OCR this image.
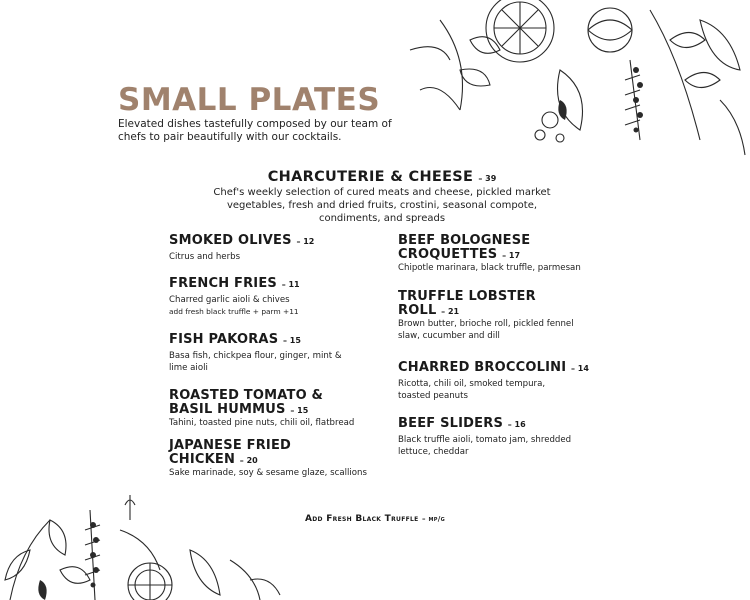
SMALL PLATES
Elevated dishes tastefully composed by our team of chefs to pair beautifully with our cocktails.
CHARCUTERIE & CHEESE – 39
Chef's weekly selection of cured meats and cheese, pickled market vegetables, fresh and dried fruits, crostini, seasonal compote, condiments, and spreads
SMOKED OLIVES – 12
Citrus and herbs
FRENCH FRIES – 11
Charred garlic aioli & chives
add fresh black truffle + parm +11
FISH PAKORAS – 15
Basa fish, chickpea flour, ginger, mint & lime aioli
ROASTED TOMATO & BASIL HUMMUS – 15
Tahini, toasted pine nuts, chili oil, flatbread
JAPANESE FRIED CHICKEN – 20
Sake marinade, soy & sesame glaze, scallions
BEEF BOLOGNESE CROQUETTES – 17
Chipotle marinara, black truffle, parmesan
TRUFFLE LOBSTER ROLL – 21
Brown butter, brioche roll, pickled fennel slaw, cucumber and dill
CHARRED BROCCOLINI – 14
Ricotta, chili oil, smoked tempura, toasted peanuts
BEEF SLIDERS – 16
Black truffle aioli, tomato jam, shredded lettuce, cheddar
Add Fresh Black Truffle – mp/g
